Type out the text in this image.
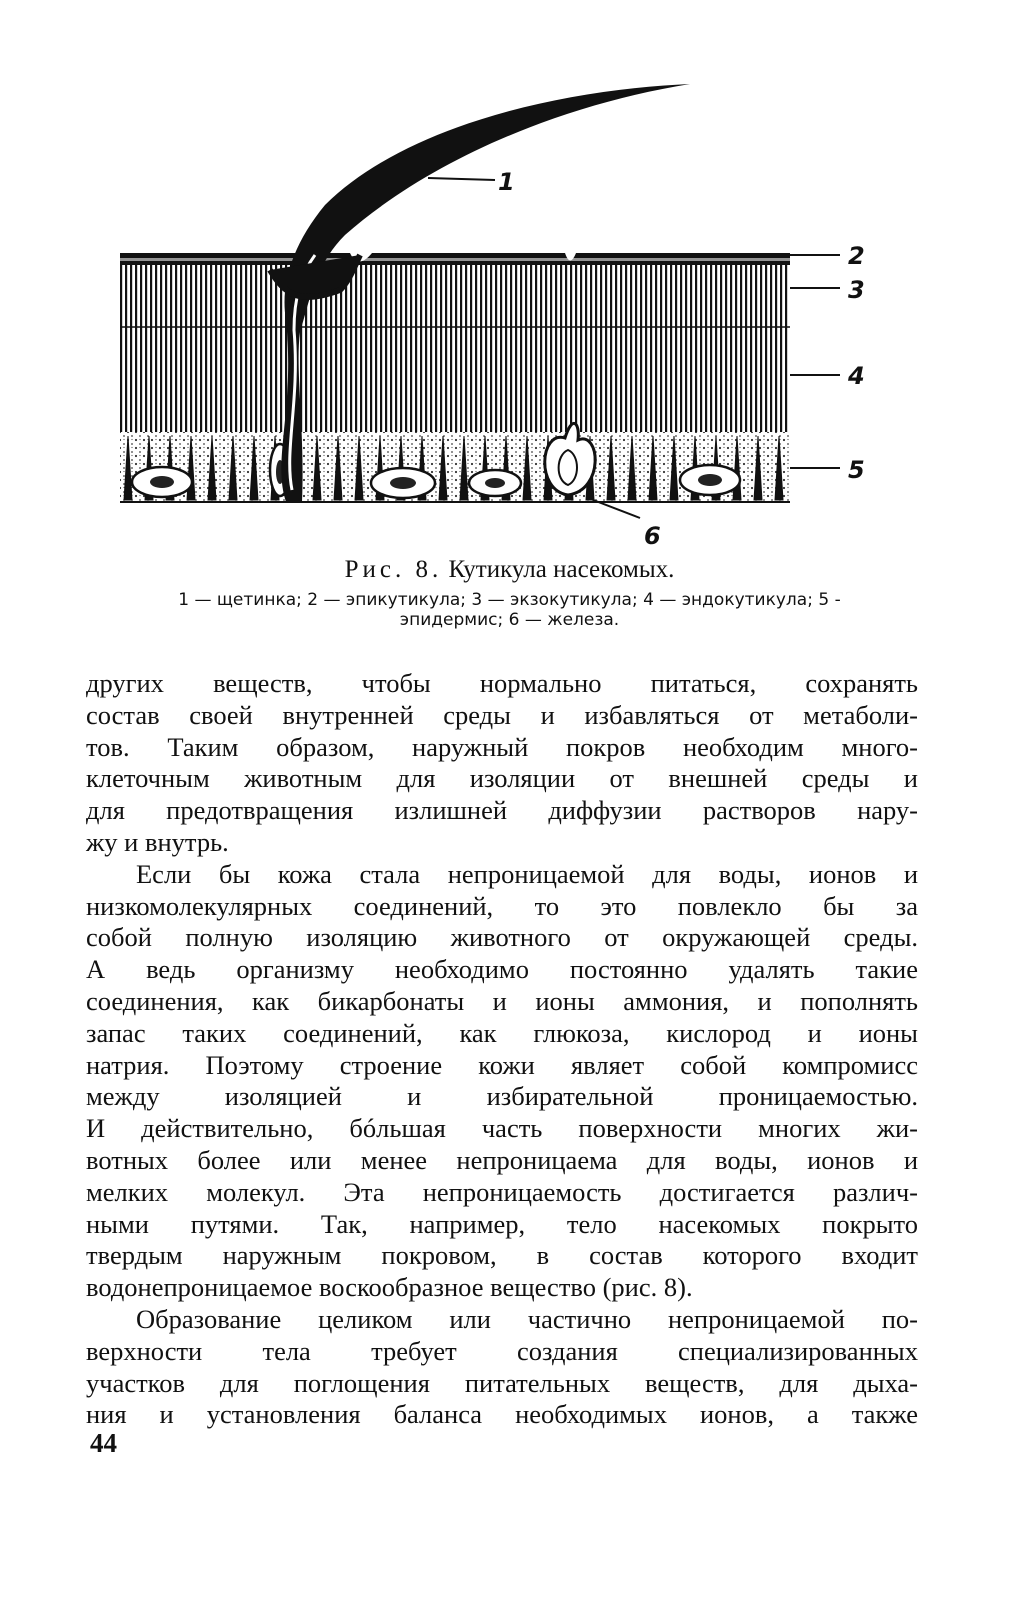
1
2
3
4
5
6
Рис. 8. Кутикула насекомых.
1 — щетинка; 2 — эпикутикула; 3 — экзокутикула; 4 — эндокутикула; 5 -
эпидермис; 6 — железа.

других веществ, чтобы нормально питаться, сохранять
состав своей внутренней среды и избавляться от метаболи-
тов. Таким образом, наружный покров необходим много-
клеточным животным для изоляции от внешней среды и
для предотвращения излишней диффузии растворов нару-
жу и внутрь.

Если бы кожа стала непроницаемой для воды, ионов и
низкомолекулярных соединений, то это повлекло бы за
собой полную изоляцию животного от окружающей среды.
А ведь организму необходимо постоянно удалять такие
соединения, как бикарбонаты и ионы аммония, и пополнять
запас таких соединений, как глюкоза, кислород и ионы
натрия. Поэтому строение кожи являет собой компромисс
между изоляцией и избирательной проницаемостью.
И действительно, бóльшая часть поверхности многих жи-
вотных более или менее непроницаема для воды, ионов и
мелких молекул. Эта непроницаемость достигается различ-
ными путями. Так, например, тело насекомых покрыто
твердым наружным покровом, в состав которого входит
водонепроницаемое воскообразное вещество (рис. 8).

Образование целиком или частично непроницаемой по-
верхности тела требует создания специализированных
участков для поглощения питательных веществ, для дыха-
ния и установления баланса необходимых ионов, а также

44
